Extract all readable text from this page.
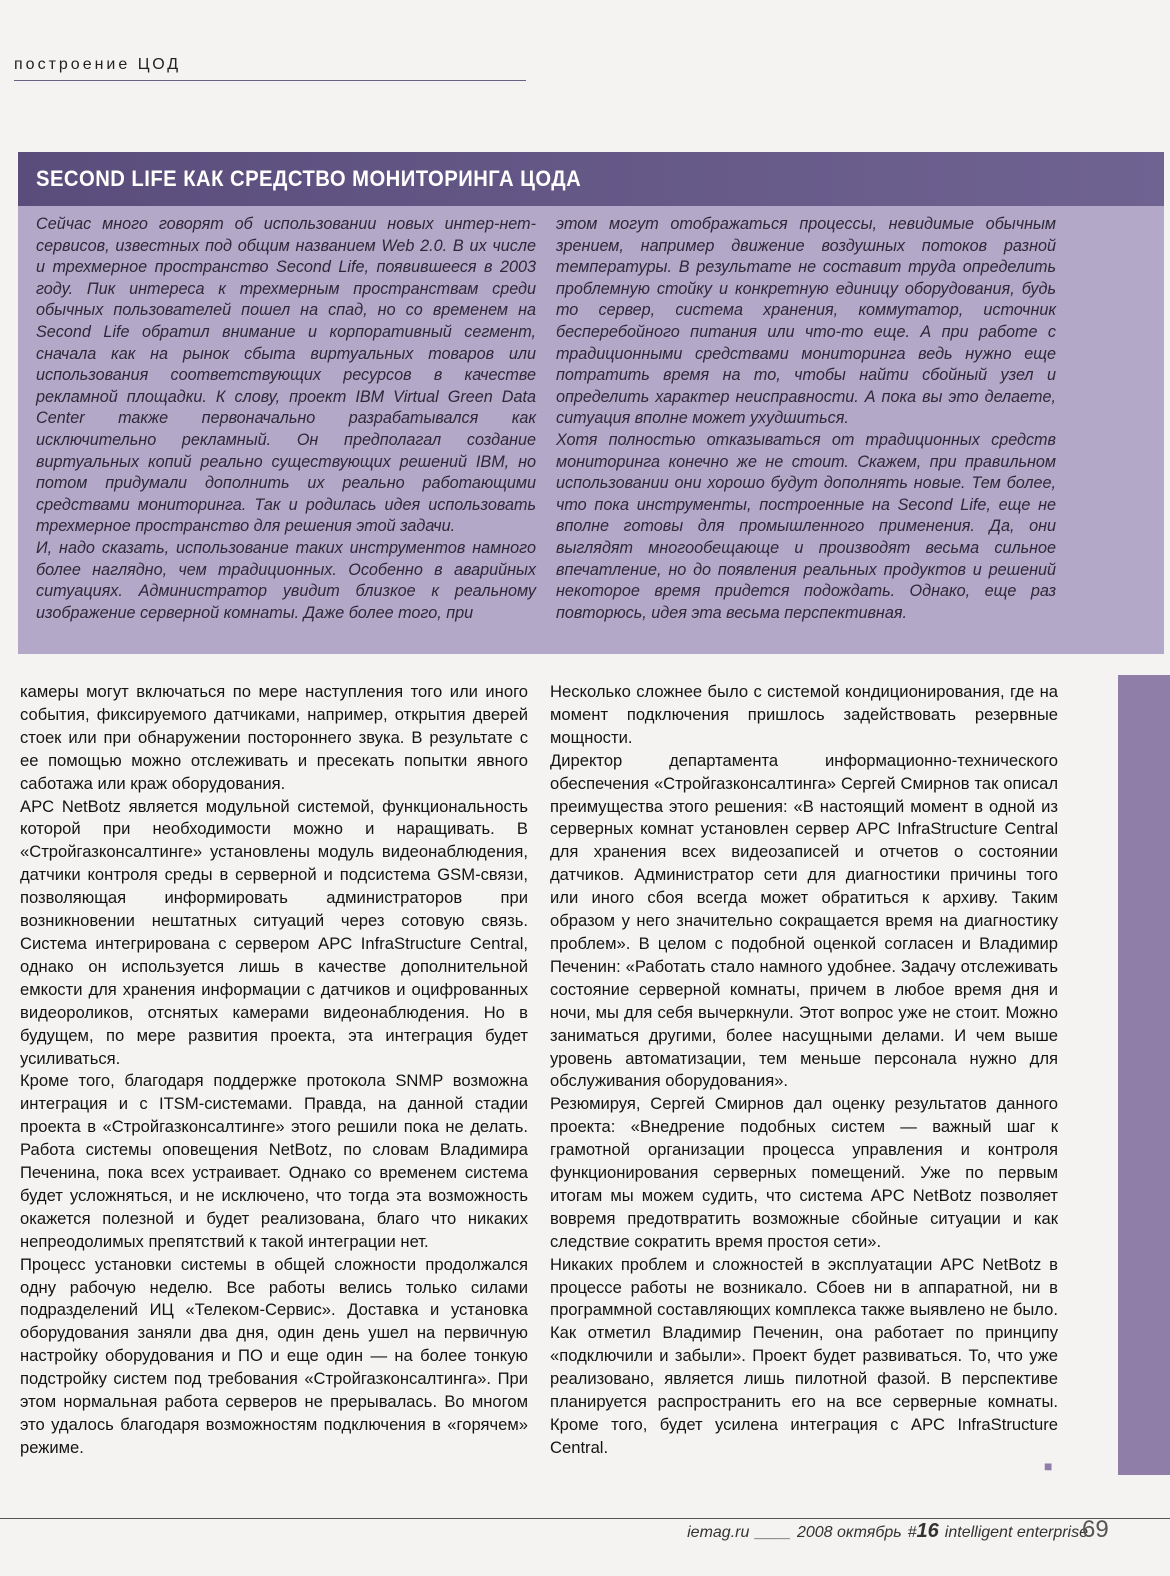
построение ЦОД
SECOND LIFE КАК СРЕДСТВО МОНИТОРИНГА ЦОДА

Сейчас много говорят об использовании новых интер-нет-сервисов, известных под общим названием Web 2.0. В их числе и трехмерное пространство Second Life, появившееся в 2003 году. Пик интереса к трехмерным пространствам среди обычных пользователей пошел на спад, но со временем на Second Life обратил внимание и корпоративный сегмент, сначала как на рынок сбыта виртуальных товаров или использования соответствующих ресурсов в качестве рекламной площадки. К слову, проект IBM Virtual Green Data Center также первоначально разрабатывался как исключительно рекламный. Он предполагал создание виртуальных копий реально существующих решений IBM, но потом придумали дополнить их реально работающими средствами мониторинга. Так и родилась идея использовать трехмерное пространство для решения этой задачи.

И, надо сказать, использование таких инструментов намного более наглядно, чем традиционных. Особенно в аварийных ситуациях. Администратор увидит близкое к реальному изображение серверной комнаты. Даже более того, при

этом могут отображаться процессы, невидимые обычным зрением, например движение воздушных потоков разной температуры. В результате не составит труда определить проблемную стойку и конкретную единицу оборудования, будь то сервер, система хранения, коммутатор, источник бесперебойного питания или что-то еще. А при работе с традиционными средствами мониторинга ведь нужно еще потратить время на то, чтобы найти сбойный узел и определить характер неисправности. А пока вы это делаете, ситуация вполне может ухудшиться.

Хотя полностью отказываться от традиционных средств мониторинга конечно же не стоит. Скажем, при правильном использовании они хорошо будут дополнять новые. Тем более, что пока инструменты, построенные на Second Life, еще не вполне готовы для промышленного применения. Да, они выглядят многообещающе и производят весьма сильное впечатление, но до появления реальных продуктов и решений некоторое время придется подождать. Однако, еще раз повторюсь, идея эта весьма перспективная.

камеры могут включаться по мере наступления того или иного события, фиксируемого датчиками, например, открытия дверей стоек или при обнаружении постороннего звука. В результате с ее помощью можно отслеживать и пресекать попытки явного саботажа или краж оборудования.

APC NetBotz является модульной системой, функциональность которой при необходимости можно и наращивать. В «Стройгазконсалтинге» установлены модуль видеонаблюдения, датчики контроля среды в серверной и подсистема GSM-связи, позволяющая информировать администраторов при возникновении нештатных ситуаций через сотовую связь. Система интегрирована с сервером APC InfraStructure Central, однако он используется лишь в качестве дополнительной емкости для хранения информации с датчиков и оцифрованных видеороликов, отснятых камерами видеонаблюдения. Но в будущем, по мере развития проекта, эта интеграция будет усиливаться.

Кроме того, благодаря поддержке протокола SNMP возможна интеграция и с ITSM-системами. Правда, на данной стадии проекта в «Стройгазконсалтинге» этого решили пока не делать. Работа системы оповещения NetBotz, по словам Владимира Печенина, пока всех устраивает. Однако со временем система будет усложняться, и не исключено, что тогда эта возможность окажется полезной и будет реализована, благо что никаких непреодолимых препятствий к такой интеграции нет.

Процесс установки системы в общей сложности продолжался одну рабочую неделю. Все работы велись только силами подразделений ИЦ «Телеком-Сервис». Доставка и установка оборудования заняли два дня, один день ушел на первичную настройку оборудования и ПО и еще один — на более тонкую подстройку систем под требования «Стройгазконсалтинга». При этом нормальная работа серверов не прерывалась. Во многом это удалось благодаря возможностям подключения в «горячем» режиме.

Несколько сложнее было с системой кондиционирования, где на момент подключения пришлось задействовать резервные мощности.

Директор департамента информационно-технического обеспечения «Стройгазконсалтинга» Сергей Смирнов так описал преимущества этого решения: «В настоящий момент в одной из серверных комнат установлен сервер APC InfraStructure Central для хранения всех видеозаписей и отчетов о состоянии датчиков. Администратор сети для диагностики причины того или иного сбоя всегда может обратиться к архиву. Таким образом у него значительно сокращается время на диагностику проблем». В целом с подобной оценкой согласен и Владимир Печенин: «Работать стало намного удобнее. Задачу отслеживать состояние серверной комнаты, причем в любое время дня и ночи, мы для себя вычеркнули. Этот вопрос уже не стоит. Можно заниматься другими, более насущными делами. И чем выше уровень автоматизации, тем меньше персонала нужно для обслуживания оборудования».

Резюмируя, Сергей Смирнов дал оценку результатов данного проекта: «Внедрение подобных систем — важный шаг к грамотной организации процесса управления и контроля функционирования серверных помещений. Уже по первым итогам мы можем судить, что система APC NetBotz позволяет вовремя предотвратить возможные сбойные ситуации и как следствие сократить время простоя сети».

Никаких проблем и сложностей в эксплуатации APC NetBotz в процессе работы не возникало. Сбоев ни в аппаратной, ни в программной составляющих комплекса также выявлено не было. Как отметил Владимир Печенин, она работает по принципу «подключили и забыли». Проект будет развиваться. То, что уже реализовано, является лишь пилотной фазой. В перспективе планируется распространить его на все серверные комнаты. Кроме того, будет усилена интеграция с APC InfraStructure Central.

■
iemag.ru ____ 2008 октябрь #16 intelligent enterprise
69
